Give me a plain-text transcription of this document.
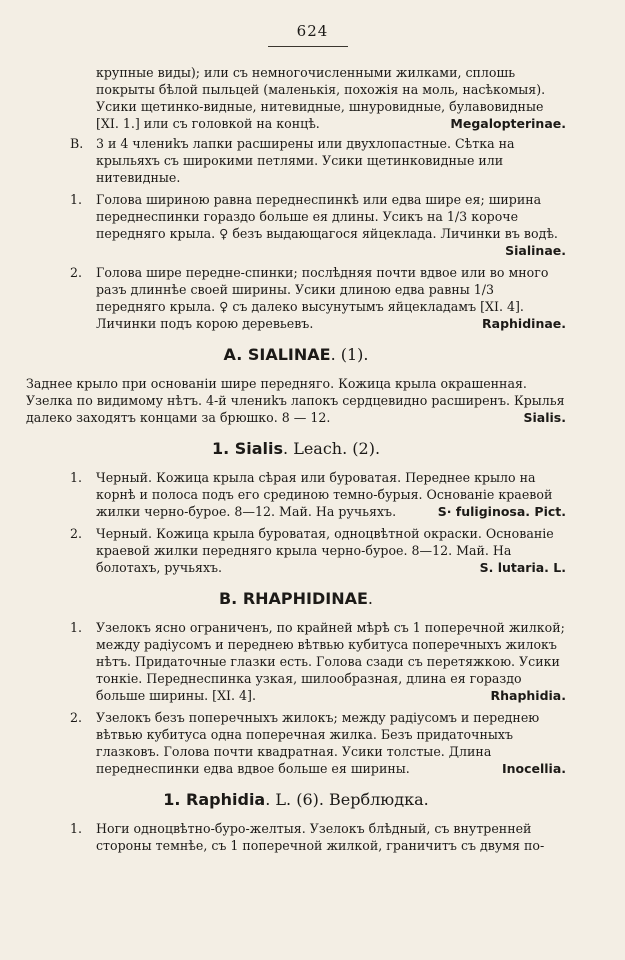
624

крупные виды); или съ немногочисленными жилками, сплошь покрыты бѣлой пыльцей (маленькія, похожія на моль, насѣкомыя). Усики щетинко-видные, нитевидные, шнуровидные, булавовидные [XI. 1.] или съ головкой на концѣ.	Megalopterinae.

B. 3 и 4 члениkъ лапки расширены или двухлопастные. Сѣтка на крыльяхъ съ широкими петлями. Усики щетинковидные или нитевидные.
1. Голова шириною равна переднеспинкѣ или едва шире ея; ширина переднеспинки гораздо больше ея длины. Усикъ на 1/3 короче передняго крыла. ♀ безъ выдающагося яйцеклада. Личинки въ водѣ.
Sialinae.
2. Голова шире передне-спинки; послѣдняя почти вдвое или во много разъ длиннѣе своей ширины. Усики длиною едва равны 1/3 передняго крыла. ♀ съ далеко высунутымъ яйцекладамъ [XI. 4]. Личинки подъ корою деревьевъ.	Raphidinae.
A. SIALINAE. (1).

Заднее крыло при основаніи шире передняго. Кожица крыла окрашенная. Узелка по видимому нѣтъ. 4-й члениkъ лапокъ сердцевидно расширенъ. Крылья далеко заходятъ концами за брюшко. 8 — 12.	Sialis.

1. Sialis. Leach. (2).
1. Черный. Кожица крыла сѣрая или буроватая. Переднее крыло на корнѣ и полоса подъ его срединою темно-бурыя. Основаніе краевой жилки черно-бурое. 8—12. Май. На ручьяхъ.	S· fuliginosa. Pict.
2. Черный. Кожица крыла буроватая, одноцвѣтной окраски. Основаніе краевой жилки передняго крыла черно-бурое. 8—12. Май. На болотахъ, ручьяхъ.	S. lutaria. L.
B. RHAPHIDINAE.
1. Узелокъ ясно ограниченъ, по крайней мѣрѣ съ 1 поперечной жилкой; между радіусомъ и переднею вѣтвью кубитуса поперечныхъ жилокъ нѣтъ. Придаточные глазки есть. Голова сзади съ перетяжкою. Усики тонкіе. Переднеспинка узкая, шилообразная, длина ея гораздо больше ширины. [XI. 4].	Rhaphidia.
2. Узелокъ безъ поперечныхъ жилокъ; между радіусомъ и переднею вѣтвью кубитуса одна поперечная жилка. Безъ придаточныхъ глазковъ. Голова почти квадратная. Усики толстые. Длина переднеспинки едва вдвое больше ея ширины.	Inocellia.
1. Raphidia. L. (6). Верблюдка.
1. Ноги одноцвѣтно-буро-желтыя. Узелокъ блѣдный, съ внутренней стороны темнѣе, съ 1 поперечной жилкой, граничитъ съ двумя по-
